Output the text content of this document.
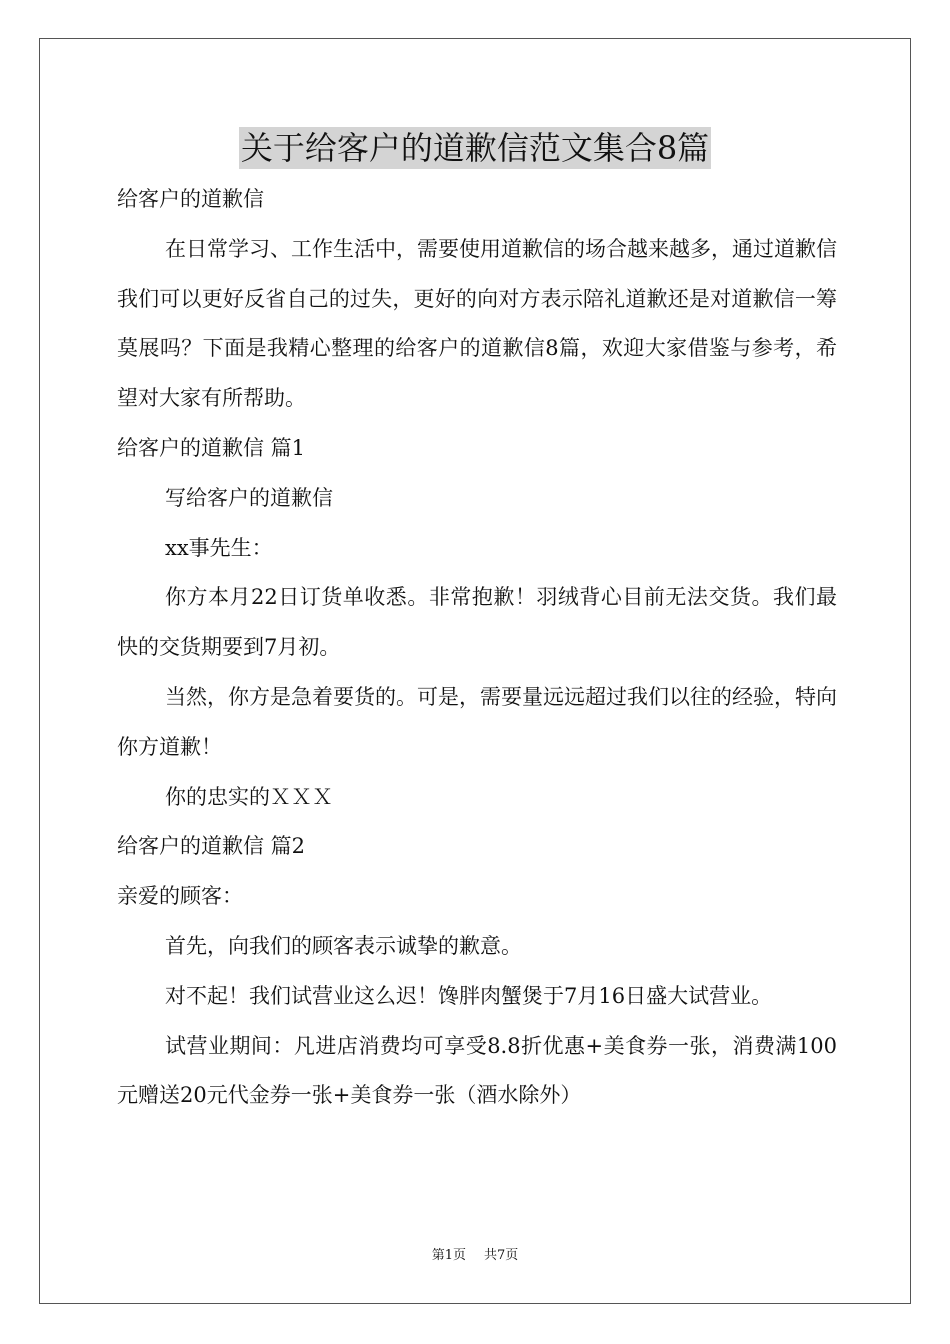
关于给客户的道歉信范文集合8篇

给客户的道歉信

在日常学习、工作生活中，需要使用道歉信的场合越来越多，通过道歉信我们可以更好反省自己的过失，更好的向对方表示陪礼道歉还是对道歉信一筹莫展吗？下面是我精心整理的给客户的道歉信8篇，欢迎大家借鉴与参考，希望对大家有所帮助。

给客户的道歉信 篇1

写给客户的道歉信

xx事先生：

你方本月22日订货单收悉。非常抱歉！羽绒背心目前无法交货。我们最快的交货期要到7月初。

当然，你方是急着要货的。可是，需要量远远超过我们以往的经验，特向你方道歉！

你的忠实的ＸＸＸ

给客户的道歉信 篇2

亲爱的顾客：

首先，向我们的顾客表示诚挚的歉意。

对不起！我们试营业这么迟！馋胖肉蟹煲于7月16日盛大试营业。

试营业期间：凡进店消费均可享受8.8折优惠+美食券一张，消费满100元赠送20元代金券一张+美食券一张（酒水除外）

第1页 共7页
